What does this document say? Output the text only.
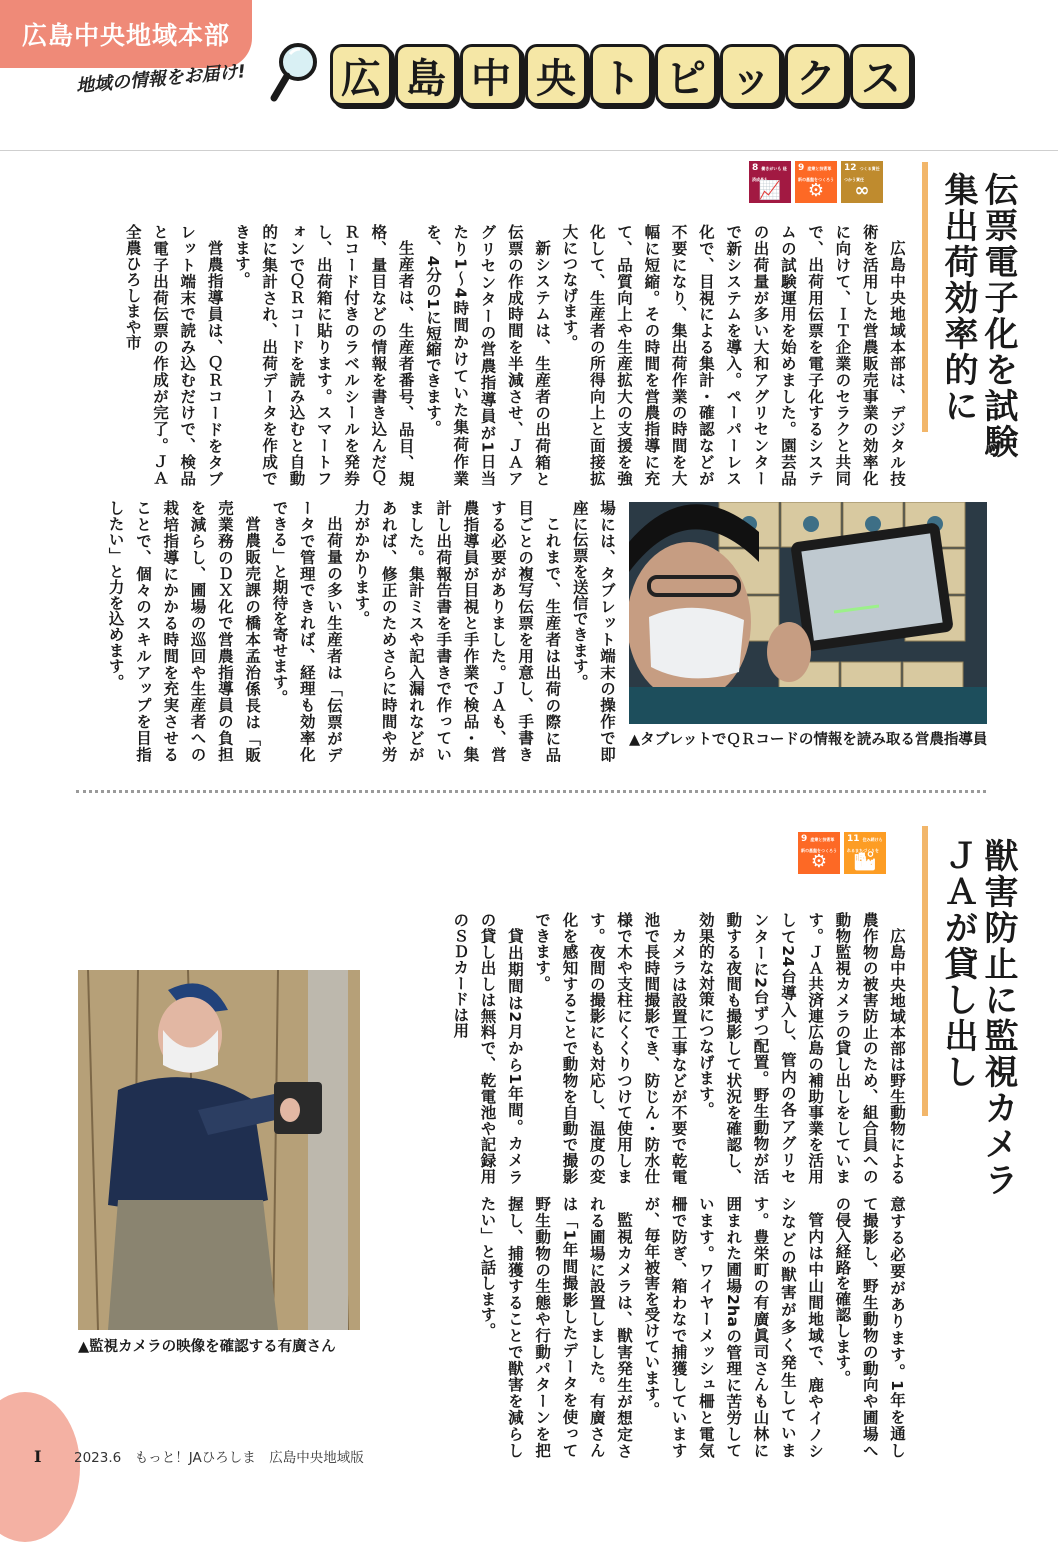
広島中央地域本部
地域の情報をお届け! 広 島 中 央 ト ピ ッ ク ス
伝票電子化を試験
集出荷効率的に
8 働きがいも 経済成長も
📈
9 産業と技術革新の基盤をつくろう
⚙
12 つくる責任 つかう責任
∞

広島中央地域本部は、デジタル技術を活用した営農販売事業の効率化に向けて、ＩＴ企業のセラクと共同で、出荷用伝票を電子化するシステムの試験運用を始めました。園芸品の出荷量が多い大和アグリセンターで新システムを導入。ペーパーレス化で、目視による集計・確認などが不要になり、集出荷作業の時間を大幅に短縮。その時間を営農指導に充て、品質向上や生産拡大の支援を強化して、生産者の所得向上と面接拡大につなげます。

新システムは、生産者の出荷箱と伝票の作成時間を半減させ、ＪＡアグリセンターの営農指導員が1日当たり1～4時間かけていた集荷作業を、4分の1に短縮できます。

生産者は、生産者番号、品目、規格、量目などの情報を書き込んだＱＲコード付きのラベルシールを発券し、出荷箱に貼ります。スマートフォンでＱＲコードを読み込むと自動的に集計され、出荷データを作成できます。

営農指導員は、ＱＲコードをタブレット端末で読み込むだけで、検品と電子出荷伝票の作成が完了。ＪＡ全農ひろしまや市

場には、タブレット端末の操作で即座に伝票を送信できます。

これまで、生産者は出荷の際に品目ごとの複写伝票を用意し、手書きする必要がありました。ＪＡも、営農指導員が目視と手作業で検品・集計し出荷報告書を手書きで作っていました。集計ミスや記入漏れなどがあれば、修正のためさらに時間や労力がかかります。

出荷量の多い生産者は「伝票がデータで管理できれば、経理も効率化できる」と期待を寄せます。

営農販売課の橋本孟治係長は「販売業務のＤＸ化で営農指導員の負担を減らし、圃場の巡回や生産者への栽培指導にかかる時間を充実させることで、個々のスキルアップを目指したい」と力を込めます。

▲タブレットでＱＲコードの情報を読み取る営農指導員
獣害防止に監視カメラ
ＪＡが貸し出し
9 産業と技術革新の基盤をつくろう
⚙
11 住み続けられるまちづくりを
🏙

広島中央地域本部は野生動物による農作物の被害防止のため、組合員への動物監視カメラの貸し出しをしています。ＪＡ共済連広島の補助事業を活用して24台導入し、管内の各アグリセンターに2台ずつ配置。野生動物が活動する夜間も撮影して状況を確認し、効果的な対策につなげます。

カメラは設置工事などが不要で乾電池で長時間撮影でき、防じん・防水仕様で木や支柱にくくりつけて使用します。夜間の撮影にも対応し、温度の変化を感知することで動物を自動で撮影できます。

貸出期間は2月から1年間。カメラの貸し出しは無料で、乾電池や記録用のＳＤカードは用

意する必要があります。1年を通して撮影し、野生動物の動向や圃場への侵入経路を確認します。

管内は中山間地域で、鹿やイノシシなどの獣害が多く発生しています。豊栄町の有廣眞司さんも山林に囲まれた圃場2haの管理に苦労しています。ワイヤーメッシュ柵と電気柵で防ぎ、箱わなで捕獲していますが、毎年被害を受けています。

監視カメラは、獣害発生が想定される圃場に設置しました。有廣さんは「1年間撮影したデータを使って野生動物の生態や行動パターンを把握し、捕獲することで獣害を減らしたい」と話します。

▲監視カメラの映像を確認する有廣さん
I 2023.6　もっと！JAひろしま　広島中央地域版
